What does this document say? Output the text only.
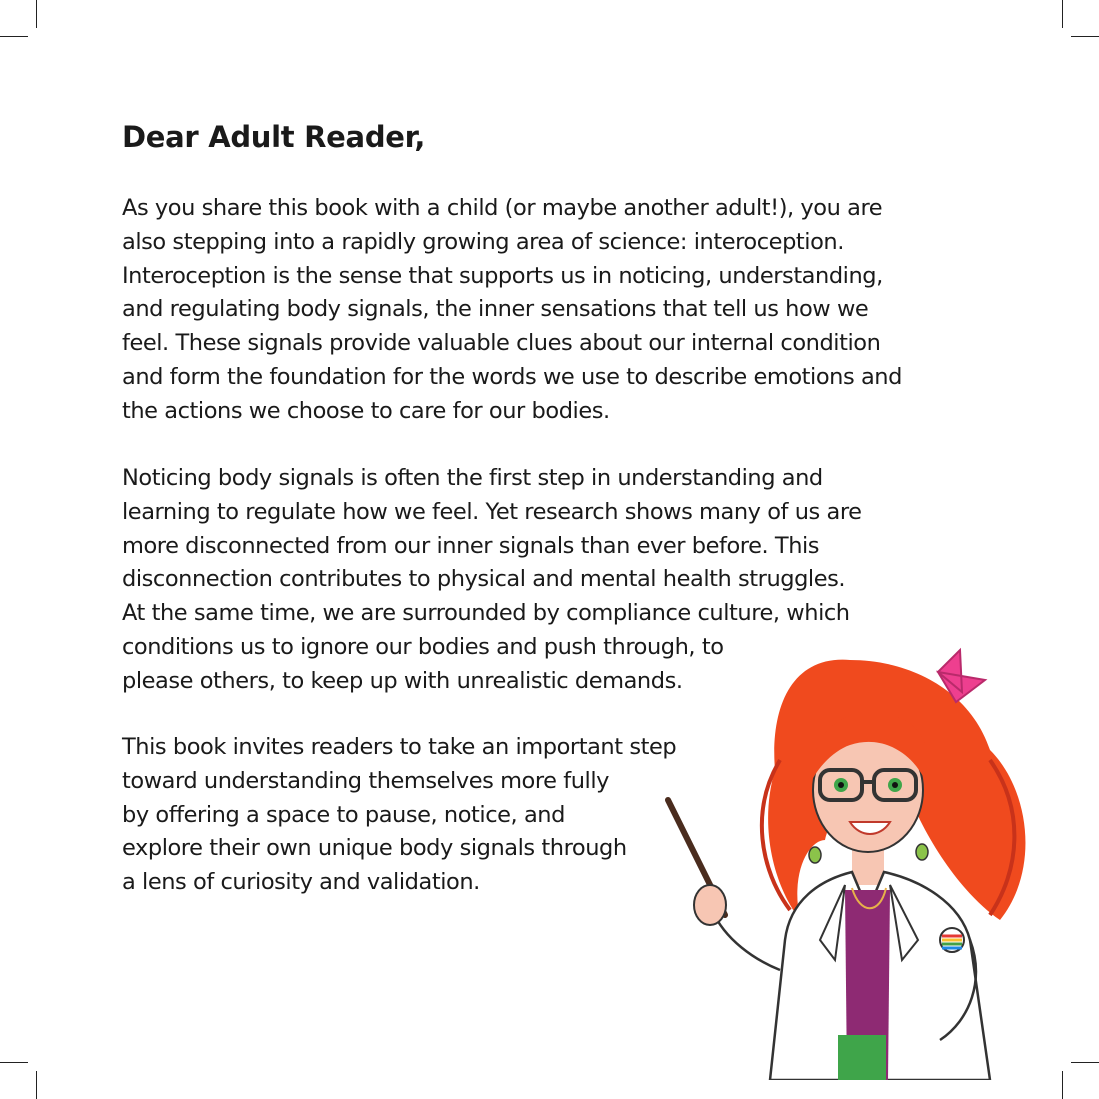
Dear Adult Reader,

As you share this book with a child (or maybe another adult!), you are
also stepping into a rapidly growing area of science: interoception.
Interoception is the sense that supports us in noticing, understanding,
and regulating body signals, the inner sensations that tell us how we
feel. These signals provide valuable clues about our internal condition
and form the foundation for the words we use to describe emotions and
the actions we choose to care for our bodies.

Noticing body signals is often the first step in understanding and
learning to regulate how we feel. Yet research shows many of us are
more disconnected from our inner signals than ever before. This
disconnection contributes to physical and mental health struggles.
At the same time, we are surrounded by compliance culture, which
conditions us to ignore our bodies and push through, to
please others, to keep up with unrealistic demands.

This book invites readers to take an important step
toward understanding themselves more fully
by offering a space to pause, notice, and
explore their own unique body signals through
a lens of curiosity and validation.
